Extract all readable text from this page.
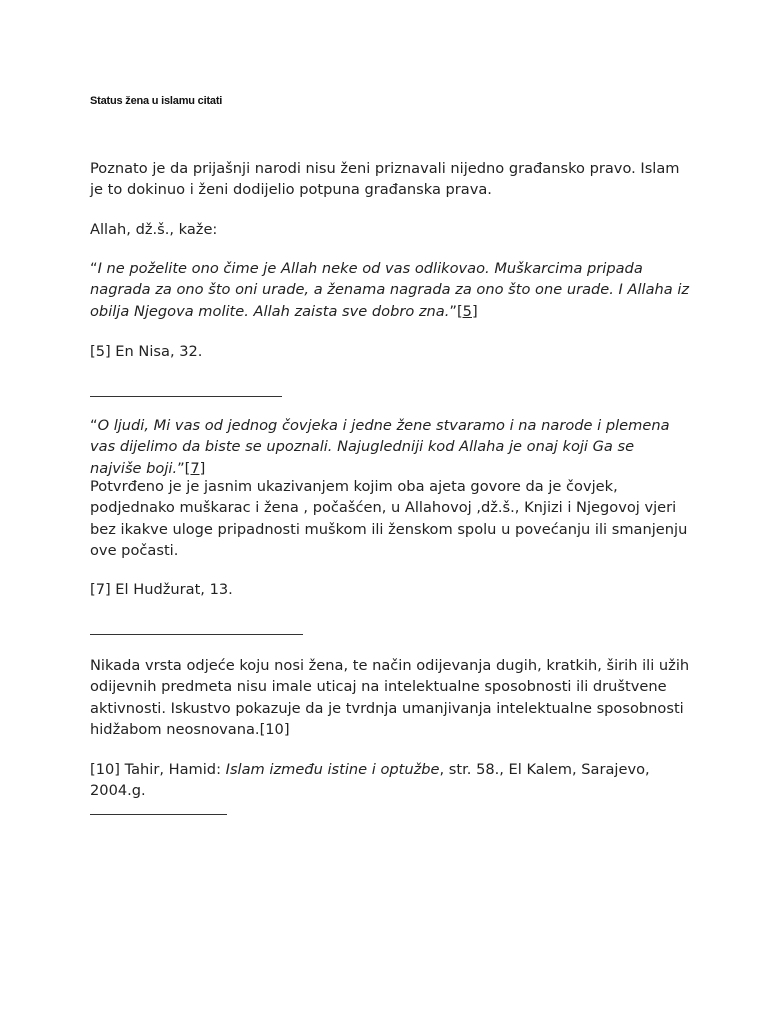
Status žena u islamu citati
Poznato je da prijašnji narodi nisu ženi priznavali nijedno građansko pravo. Islam je to dokinuo i ženi dodijelio potpuna građanska prava.
Allah, dž.š., kaže:
“I ne poželite ono čime je Allah neke od vas odlikovao. Muškarcima pripada nagrada za ono što oni urade, a ženama nagrada za ono što one urade. I Allaha iz obilja Njegova molite. Allah zaista sve dobro zna.”[5]
[5] En Nisa, 32.
“O ljudi, Mi vas od jednog čovjeka i jedne žene stvaramo i na narode i plemena vas dijelimo da biste se upoznali. Najugledniji kod Allaha je onaj koji Ga se najviše boji.”[7]
Potvrđeno je je jasnim ukazivanjem kojim oba ajeta govore da je čovjek, podjednako muškarac i žena , počašćen, u Allahovoj ,dž.š., Knjizi i Njegovoj vjeri bez ikakve uloge pripadnosti muškom ili ženskom spolu u povećanju ili smanjenju ove počasti.
[7] El Hudžurat, 13.
Nikada vrsta odjeće koju nosi žena, te način odijevanja dugih, kratkih, širih ili užih odijevnih predmeta nisu imale uticaj na intelektualne sposobnosti ili društvene aktivnosti. Iskustvo pokazuje da je tvrdnja umanjivanja intelektualne sposobnosti hidžabom neosnovana.[10]
[10] Tahir, Hamid: Islam između istine i optužbe, str. 58., El Kalem, Sarajevo, 2004.g.
